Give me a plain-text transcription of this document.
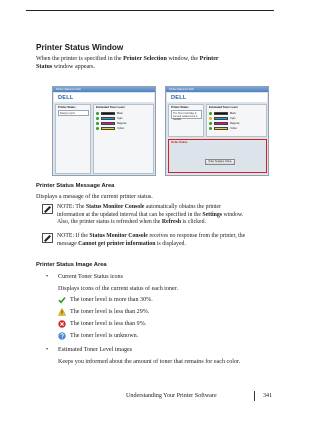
Printer Status Window
When the printer is specified in the Printer Selection window, the Printer
Status window appears.
Printer Status for Dell
DELL
Printer Status
Ready to print
Estimated Toner Level
Black
Cyan
Magenta
Yellow
Printer Status for Dell
DELL
Printer Status
The Toner Cartridge is low and replacement is needed.
Estimated Toner Level
Black
Cyan
Magenta
Yellow
Order Online
Order Supplies Online
Printer Status Message Area
Displays a message of the current printer status.
NOTE: The Status Monitor Console automatically obtains the printer
information at the updated interval that can be specified in the Settings window.
Also, the printer status is refreshed when the Refresh is clicked.
NOTE: If the Status Monitor Console receives no response from the printer, the
message Cannot get printer information is displayed.
Printer Status Image Area
• Current Toner Status icons
Displays icons of the current status of each toner.
The toner level is more than 30%.
The toner level is less than 29%.
The toner level is less than 9%.
The toner level is unknown.
• Estimated Toner Level images
Keeps you informed about the amount of toner that remains for each color.
Understanding Your Printer Software	341
